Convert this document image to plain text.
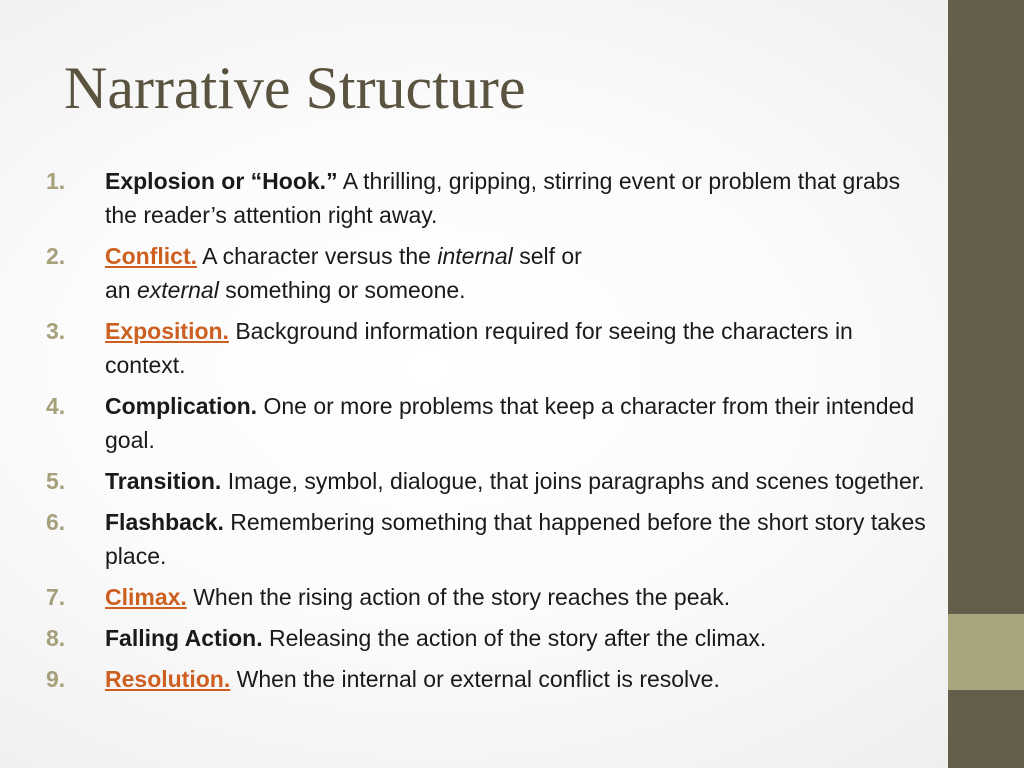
Narrative Structure
1. Explosion or “Hook.” A thrilling, gripping, stirring event or problem that grabs the reader’s attention right away.
2. Conflict. A character versus the internal self or
an external something or someone.
3. Exposition. Background information required for seeing the characters in context.
4. Complication. One or more problems that keep a character from their intended goal.
5. Transition. Image, symbol, dialogue, that joins paragraphs and scenes together.
6. Flashback. Remembering something that happened before the short story takes place.
7. Climax. When the rising action of the story reaches the peak.
8. Falling Action. Releasing the action of the story after the climax.
9. Resolution. When the internal or external conflict is resolve.
